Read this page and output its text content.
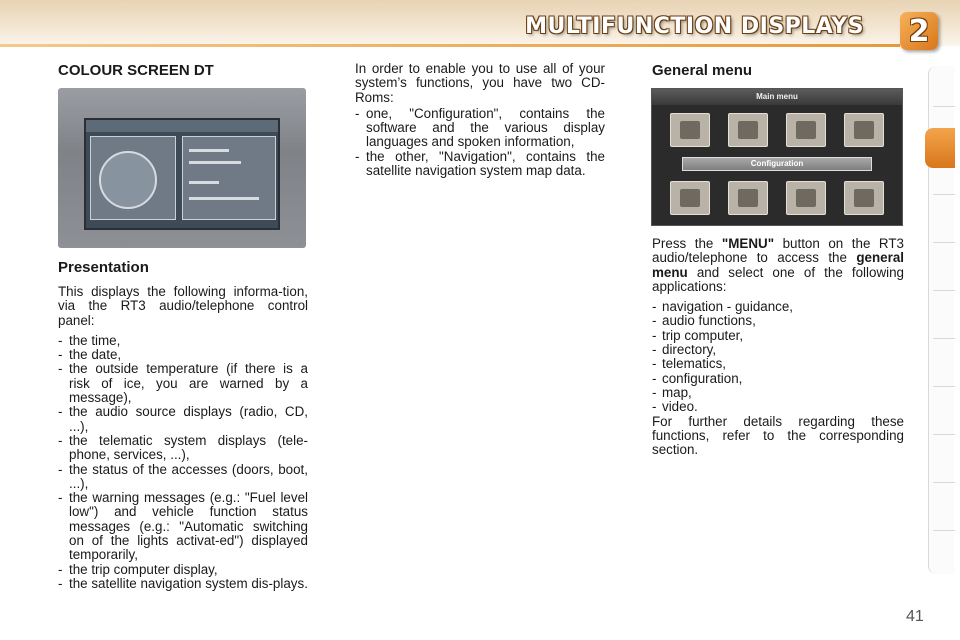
MULTIFUNCTION DISPLAYS 2
COLOUR SCREEN DT
Presentation

This displays the following informa-tion, via the RT3 audio/telephone control panel:

- the time,
- the date,
- the outside temperature (if there is a risk of ice, you are warned by a message),
- the audio source displays (radio, CD, ...),
- the telematic system displays (tele-phone, services, ...),
- the status of the accesses (doors, boot, ...),
- the warning messages (e.g.: "Fuel level low") and vehicle function status messages (e.g.: "Automatic switching on of the lights activat-ed") displayed temporarily,
- the trip computer display,
- the satellite navigation system dis-plays.

In order to enable you to use all of your system’s functions, you have two CD-Roms:

- one, "Configuration", contains the software and the various display languages and spoken information,
- the other, "Navigation", contains the satellite navigation system map data.
General menu
Main menu
Configuration

Press the "MENU" button on the RT3 audio/telephone to access the general menu and select one of the following applications:

- navigation - guidance,
- audio functions,
- trip computer,
- directory,
- telematics,
- configuration,
- map,
- video.

For further details regarding these functions, refer to the corresponding section.

41
